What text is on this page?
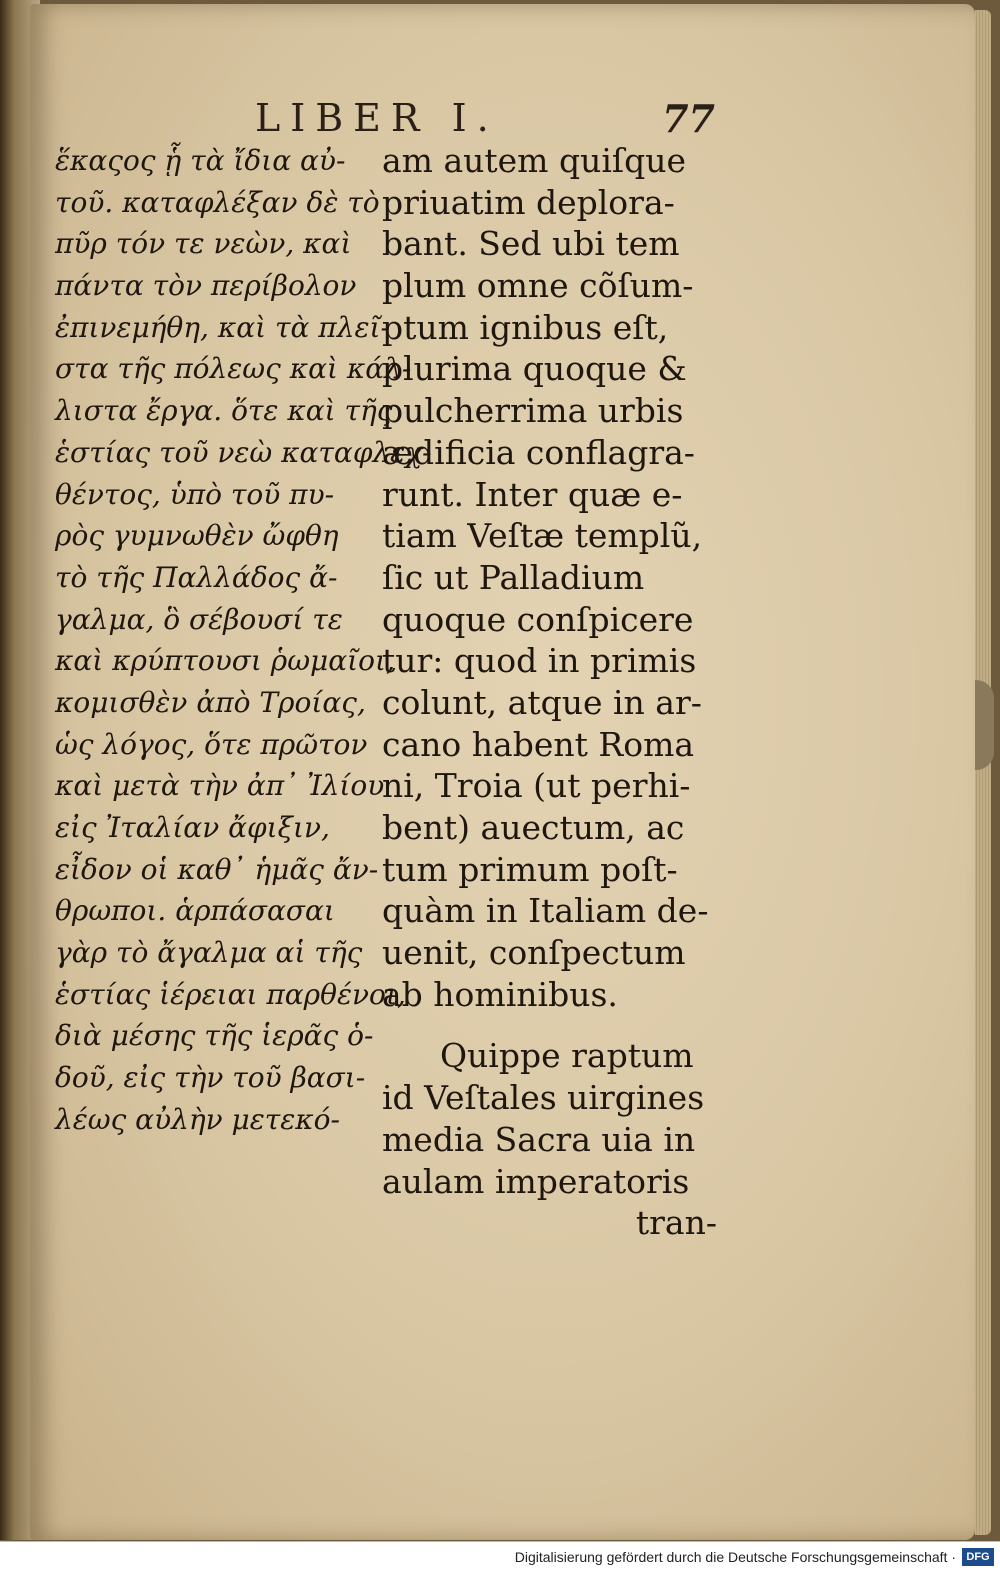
LIBER I.	77
ἕκαςος ᾗ τὰ ἴδια αὐ-
τοῦ. καταφλέξαν δὲ τὸ
πῦρ τόν τε νεὼν, καὶ
πάντα τὸν περίβολον
ἐπινεμήθη, καὶ τὰ πλεῖ-
στα τῆς πόλεως καὶ κάλ-
λιστα ἔργα. ὅτε καὶ τῆς
ἑστίας τοῦ νεὼ καταφλεχ-
θέντος, ὑπὸ τοῦ πυ-
ρὸς γυμνωθὲν ὤφθη
τὸ τῆς Παλλάδος ἄ-
γαλμα, ὃ σέβουσί τε
καὶ κρύπτουσι ῥωμαῖοι,
κομισθὲν ἀπὸ Τροίας,
ὡς λόγος, ὅτε πρῶτον
καὶ μετὰ τὴν ἀπ᾽ Ἰλίου
εἰς Ἰταλίαν ἄφιξιν,
εἶδον οἱ καθ᾽ ἡμᾶς ἄν-
θρωποι. ἁρπάσασαι
γὰρ τὸ ἄγαλμα αἱ τῆς
ἑστίας ἱέρειαι παρθένοι,
διὰ μέσης τῆς ἱερᾶς ὁ-
δοῦ, εἰς τὴν τοῦ βασι-
λέως αὐλὴν μετεκό-
am autem quiſque
priuatim deplora-
bant. Sed ubi tem
plum omne cõſum-
ptum ignibus eſt,
plurima quoque &
pulcherrima urbis
ædificia conflagra-
runt. Inter quæ e-
tiam Veſtæ templũ,
ſic ut Palladium
quoque conſpicere
tur: quod in primis
colunt, atque in ar-
cano habent Roma
ni, Troia (ut perhi-
bent) auectum, ac
tum primum poſt-
quàm in Italiam de-
uenit, conſpectum
ab hominibus.
Quippe raptum
id Veſtales uirgines
media Sacra uia in
aulam imperatoris
tran-
Digitalisierung gefördert durch die Deutsche Forschungsgemeinschaft · DFG
